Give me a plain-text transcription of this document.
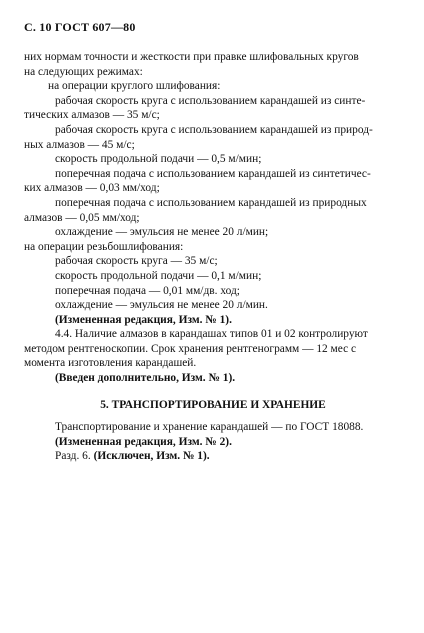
С. 10 ГОСТ 607—80
них нормам точности и жесткости при правке шлифовальных кругов
на следующих режимах:
на операции круглого шлифования:
рабочая скорость круга с использованием карандашей из синте-
тических алмазов — 35 м/с;
рабочая скорость круга с использованием карандашей из природ-
ных алмазов — 45 м/с;
скорость продольной подачи — 0,5 м/мин;
поперечная подача с использованием карандашей из синтетичес-
ких алмазов — 0,03 мм/ход;
поперечная подача с использованием карандашей из природных
алмазов — 0,05 мм/ход;
охлаждение — эмульсия не менее 20 л/мин;
на операции резьбошлифования:
рабочая скорость круга — 35 м/с;
скорость продольной подачи — 0,1 м/мин;
поперечная подача — 0,01 мм/дв. ход;
охлаждение — эмульсия не менее 20 л/мин.
(Измененная редакция, Изм. № 1).
4.4. Наличие алмазов в карандашах типов 01 и 02 контролируют
методом рентгеноскопии. Срок хранения рентгенограмм — 12 мес с
момента изготовления карандашей.
(Введен дополнительно, Изм. № 1).
5. ТРАНСПОРТИРОВАНИЕ И ХРАНЕНИЕ
Транспортирование и хранение карандашей — по ГОСТ 18088.
(Измененная редакция, Изм. № 2).
Разд. 6. (Исключен, Изм. № 1).
